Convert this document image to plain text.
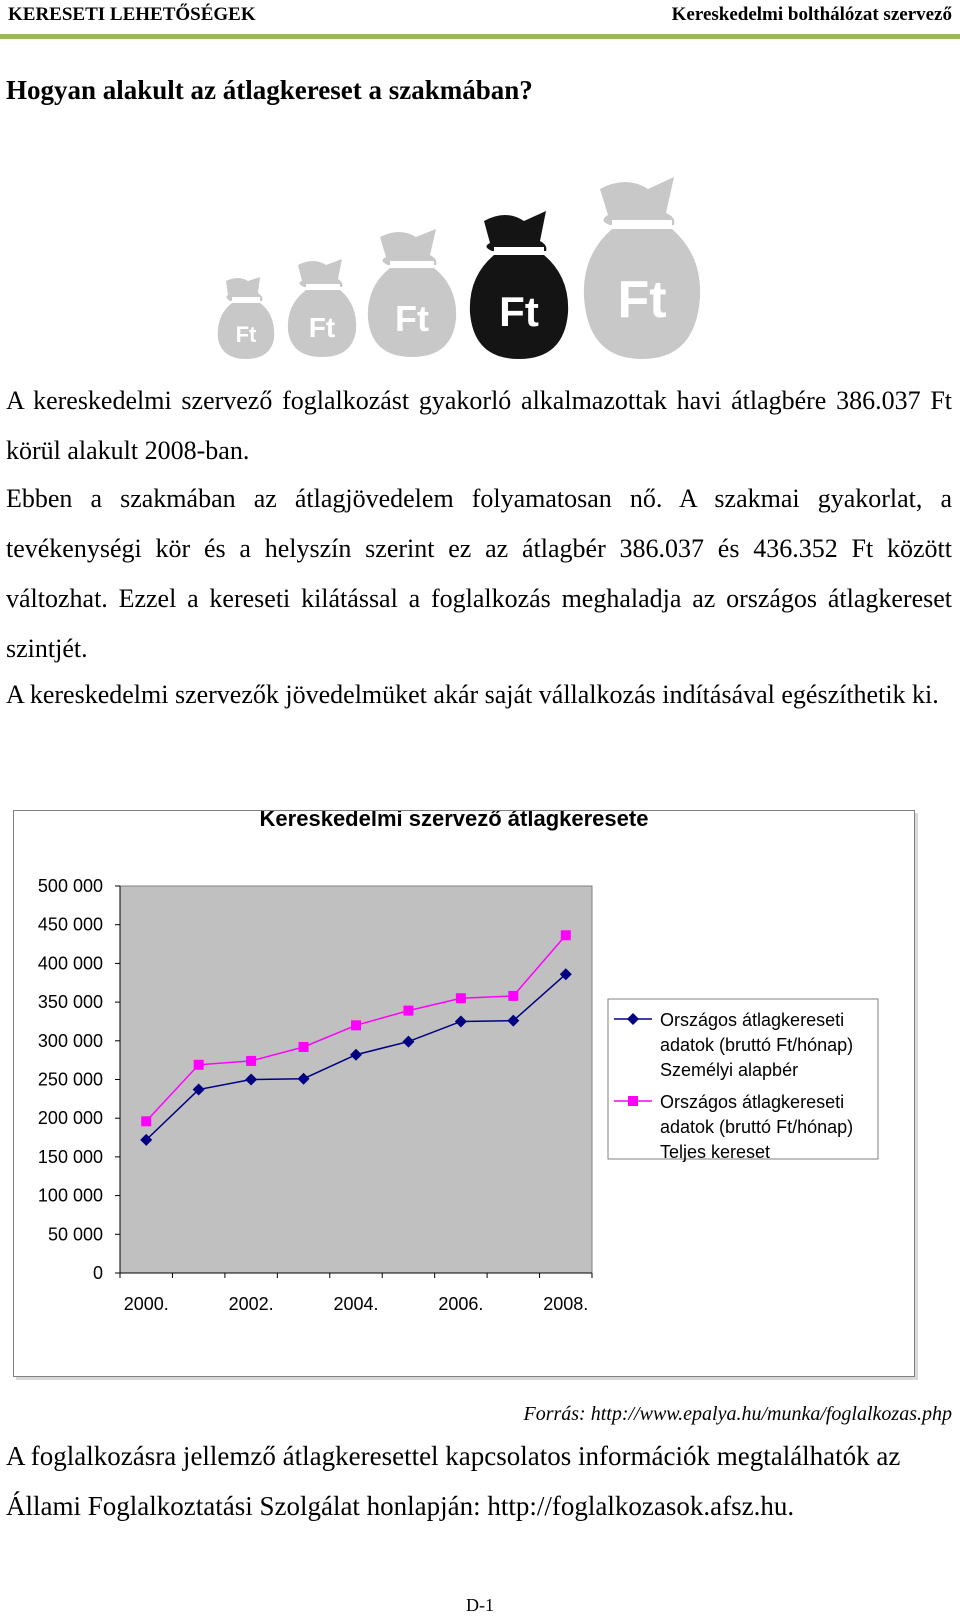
KERESETI LEHETŐSÉGEK	Kereskedelmi bolthálózat szervező
Hogyan alakult az átlagkereset a szakmában?
Ft Ft Ft Ft Ft
A kereskedelmi szervező foglalkozást gyakorló alkalmazottak havi átlagbére 386.037 Ft körül alakult 2008-ban.
Ebben a szakmában az átlagjövedelem folyamatosan nő. A szakmai gyakorlat, a tevékenységi kör és a helyszín szerint ez az átlagbér 386.037 és 436.352 Ft között változhat. Ezzel a kereseti kilátással a foglalkozás meghaladja az országos átlagkereset szintjét.
A kereskedelmi szervezők jövedelmüket akár saját vállalkozás indításával egészíthetik ki.
Kereskedelmi szervező átlagkeresete
0
50 000
100 000
150 000
200 000
250 000
300 000
350 000
400 000
450 000
500 000
2000.	2002.	2004.	2006.	2008.
Országos átlagkereseti
adatok (bruttó Ft/hónap)
Személyi alapbér
Országos átlagkereseti
adatok (bruttó Ft/hónap)
Teljes kereset
Forrás: http://www.epalya.hu/munka/foglalkozas.php
A foglalkozásra jellemző átlagkeresettel kapcsolatos információk megtalálhatók az Állami Foglalkoztatási Szolgálat honlapján: http://foglalkozasok.afsz.hu.
D-1
